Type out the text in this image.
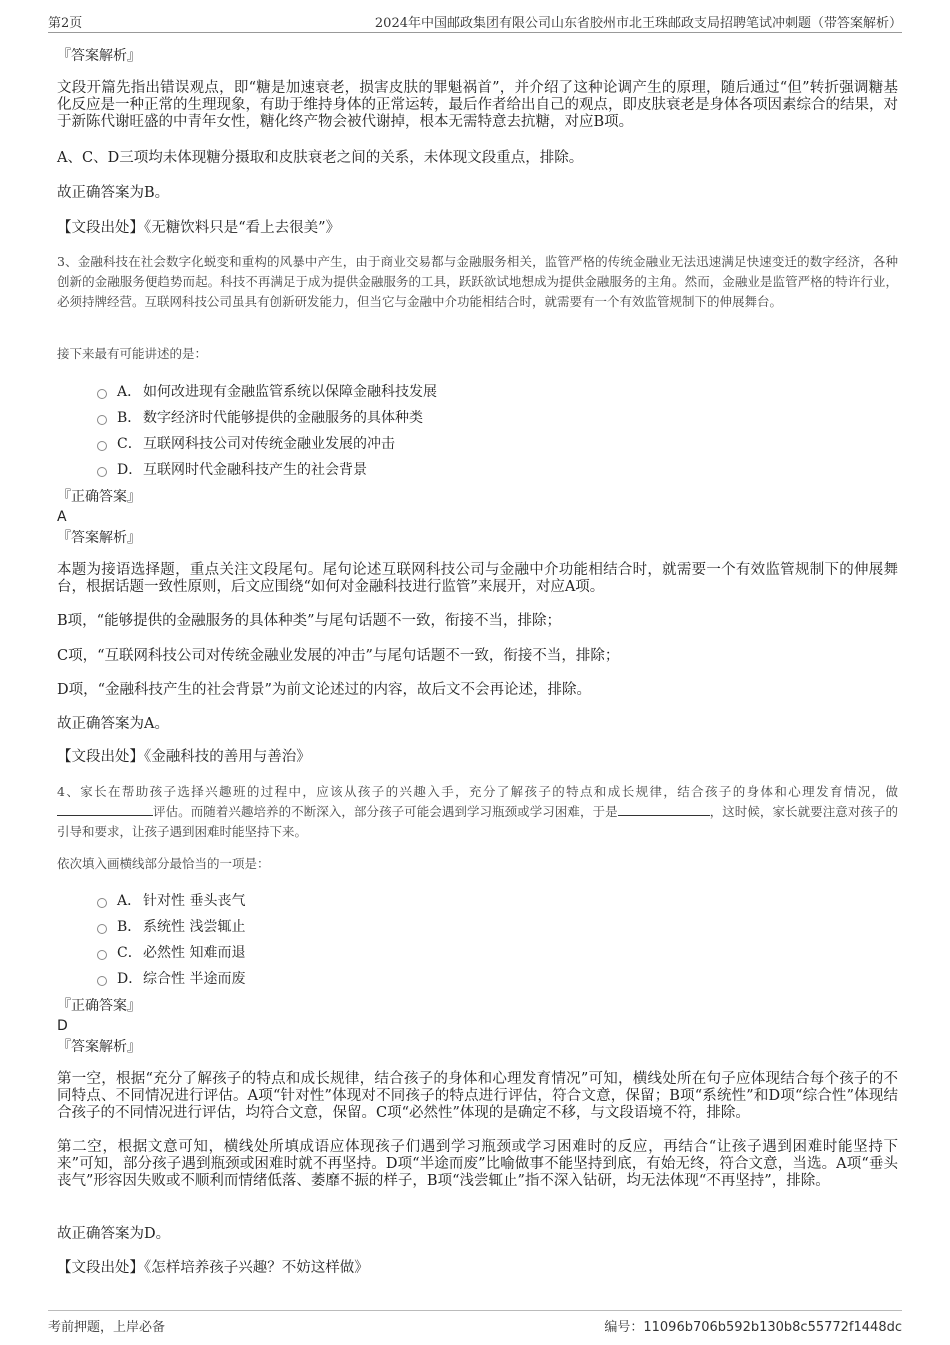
第2页	2024年中国邮政集团有限公司山东省胶州市北王珠邮政支局招聘笔试冲刺题（带答案解析）
『答案解析』
文段开篇先指出错误观点，即“糖是加速衰老，损害皮肤的罪魁祸首”，并介绍了这种论调产生的原理，随后通过“但”转折强调糖基化反应是一种正常的生理现象，有助于维持身体的正常运转，最后作者给出自己的观点，即皮肤衰老是身体各项因素综合的结果，对于新陈代谢旺盛的中青年女性，糖化终产物会被代谢掉，根本无需特意去抗糖，对应B项。
A、C、D三项均未体现糖分摄取和皮肤衰老之间的关系，未体现文段重点，排除。
故正确答案为B。
【文段出处】《无糖饮料只是“看上去很美”》
3、金融科技在社会数字化蜕变和重构的风暴中产生，由于商业交易都与金融服务相关，监管严格的传统金融业无法迅速满足快速变迁的数字经济，各种创新的金融服务便趋势而起。科技不再满足于成为提供金融服务的工具，跃跃欲试地想成为提供金融服务的主角。然而，金融业是监管严格的特许行业，必须持牌经营。互联网科技公司虽具有创新研发能力，但当它与金融中介功能相结合时，就需要有一个有效监管规制下的伸展舞台。
接下来最有可能讲述的是：
A． 如何改进现有金融监管系统以保障金融科技发展
B． 数字经济时代能够提供的金融服务的具体种类
C．互联网科技公司对传统金融业发展的冲击
D．互联网时代金融科技产生的社会背景
『正确答案』
A
『答案解析』
本题为接语选择题，重点关注文段尾句。尾句论述互联网科技公司与金融中介功能相结合时，就需要一个有效监管规制下的伸展舞台，根据话题一致性原则，后文应围绕“如何对金融科技进行监管”来展开，对应A项。
B项，“能够提供的金融服务的具体种类”与尾句话题不一致，衔接不当，排除；
C项，“互联网科技公司对传统金融业发展的冲击”与尾句话题不一致，衔接不当，排除；
D项，“金融科技产生的社会背景”为前文论述过的内容，故后文不会再论述，排除。
故正确答案为A。
【文段出处】《金融科技的善用与善治》
4、家长在帮助孩子选择兴趣班的过程中，应该从孩子的兴趣入手，充分了解孩子的特点和成长规律，结合孩子的身体和心理发育情况，做评估。而随着兴趣培养的不断深入，部分孩子可能会遇到学习瓶颈或学习困难，于是	，这时候，家长就要注意对孩子的引导和要求，让孩子遇到困难时能坚持下来。
依次填入画横线部分最恰当的一项是：
A． 针对性 垂头丧气
B． 系统性 浅尝辄止
C．必然性 知难而退
D．综合性 半途而废
『正确答案』
D
『答案解析』
第一空，根据“充分了解孩子的特点和成长规律，结合孩子的身体和心理发育情况”可知，横线处所在句子应体现结合每个孩子的不同特点、不同情况进行评估。A项“针对性”体现对不同孩子的特点进行评估，符合文意，保留；B项“系统性”和D项“综合性”体现结合孩子的不同情况进行评估，均符合文意，保留。C项“必然性”体现的是确定不移，与文段语境不符，排除。
第二空，根据文意可知，横线处所填成语应体现孩子们遇到学习瓶颈或学习困难时的反应，再结合“让孩子遇到困难时能坚持下来”可知，部分孩子遇到瓶颈或困难时就不再坚持。D项“半途而废”比喻做事不能坚持到底，有始无终，符合文意，当选。A项“垂头丧气”形容因失败或不顺利而情绪低落、萎靡不振的样子，B项“浅尝辄止”指不深入钻研，均无法体现“不再坚持”，排除。
故正确答案为D。
【文段出处】《怎样培养孩子兴趣？不妨这样做》
考前押题，上岸必备	编号：11096b706b592b130b8c55772f1448dc
